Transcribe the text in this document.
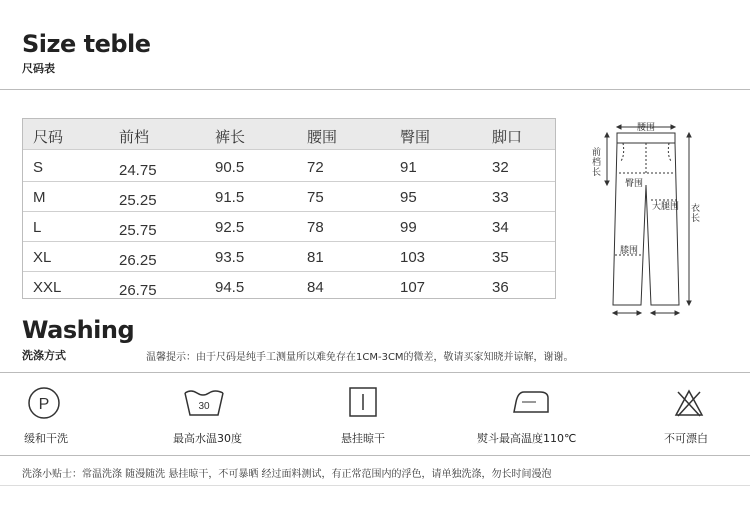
Size teble
尺码表
尺码	前档	裤长	腰围	臀围	脚口
S	24.75	90.5	72	91	32
M	25.25	91.5	75	95	33
L	25.75	92.5	78	99	34
XL	26.25	93.5	81	103	35
XXL	26.75	94.5	84	107	36
腰围
前档长
臀围
大腿围 衣长
膝围
Washing
洗涤方式	温馨提示：由于尺码是纯手工测量所以难免存在1CM-3CM的微差，敬请买家知晓并谅解，谢谢。
P	30
缓和干洗	最高水温30度	悬挂晾干	熨斗最高温度110℃	不可漂白
洗涤小贴士：常温洗涤 随漫随洗 悬挂晾干，不可暴晒 经过面料测试，有正常范围内的浮色，请单独洗涤，勿长时间漫泡
